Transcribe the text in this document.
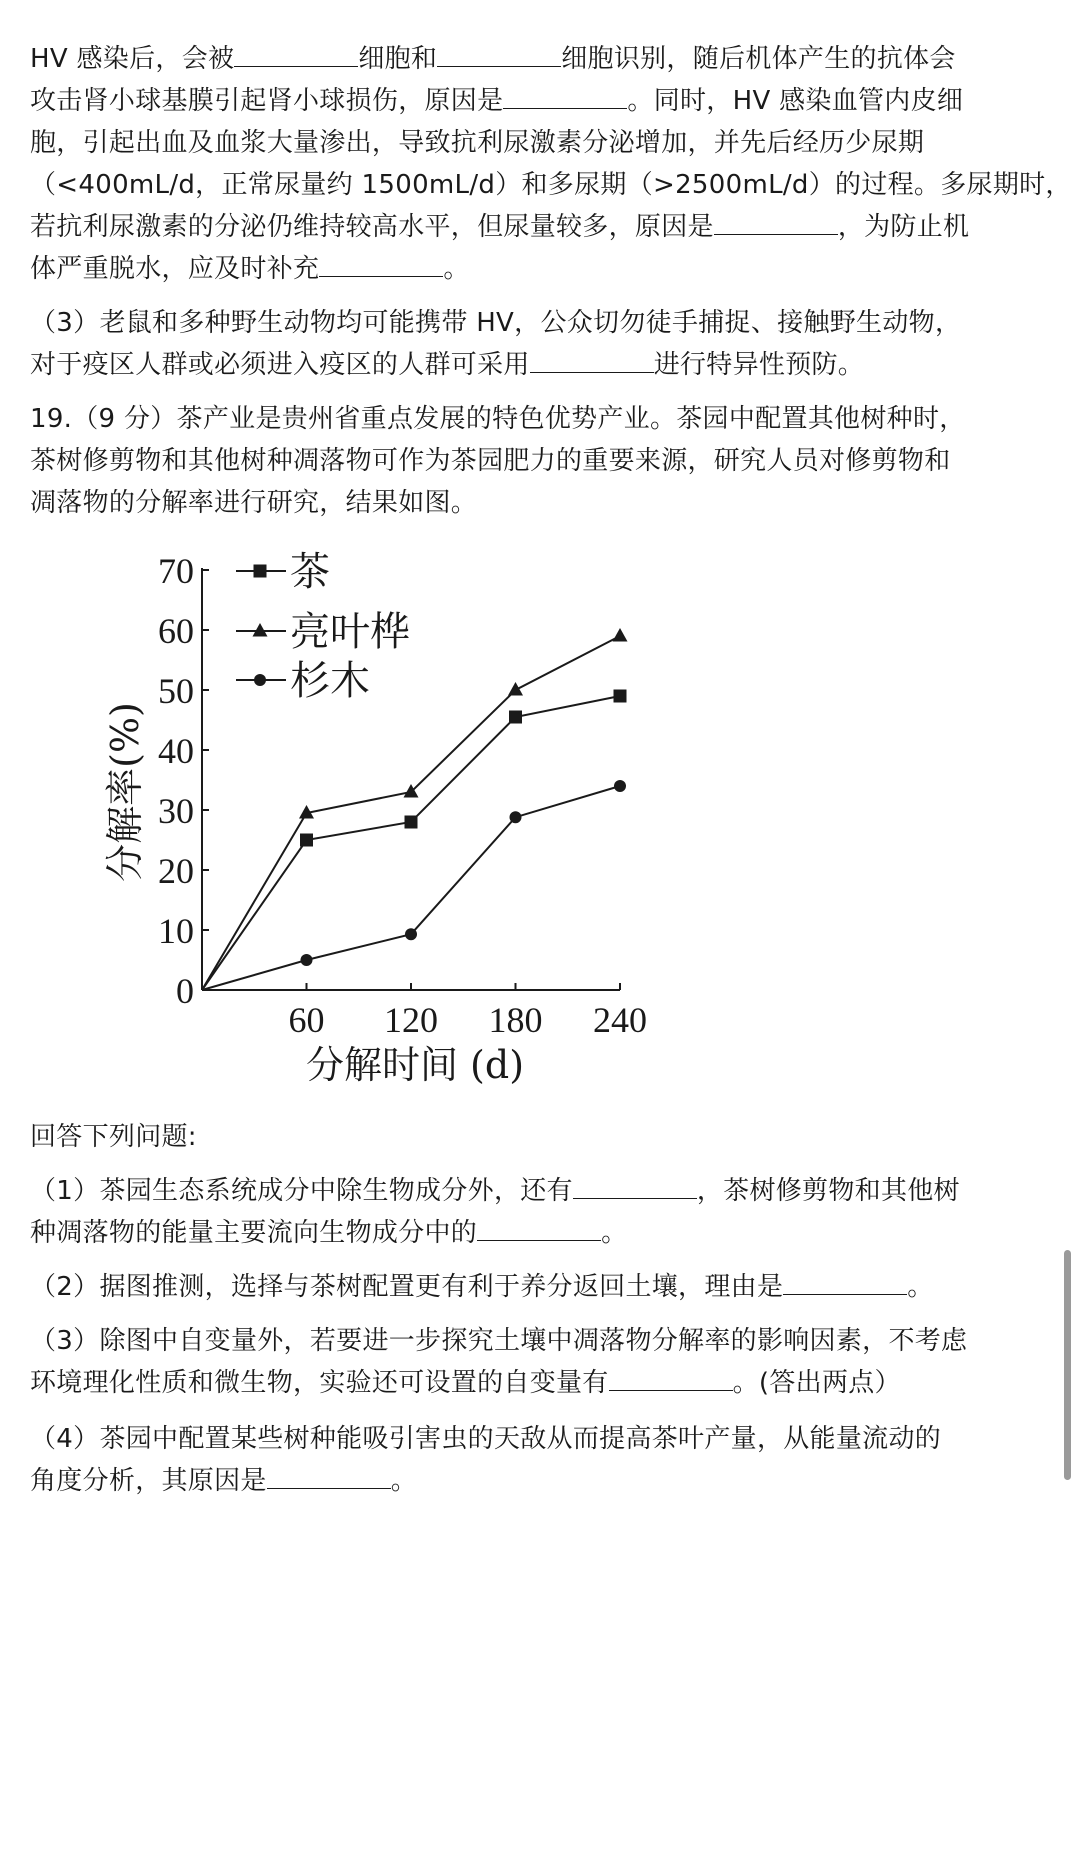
HV 感染后，会被	细胞和	细胞识别，随后机体产生的抗体会
攻击肾小球基膜引起肾小球损伤，原因是	。同时，HV 感染血管内皮细
胞，引起出血及血浆大量渗出，导致抗利尿激素分泌增加，并先后经历少尿期
（<400mL/d，正常尿量约 1500mL/d）和多尿期（>2500mL/d）的过程。多尿期时，
若抗利尿激素的分泌仍维持较高水平，但尿量较多，原因是	，为防止机
体严重脱水，应及时补充	。
（3）老鼠和多种野生动物均可能携带 HV，公众切勿徒手捕捉、接触野生动物，
对于疫区人群或必须进入疫区的人群可采用	进行特异性预防。
19.（9 分）茶产业是贵州省重点发展的特色优势产业。茶园中配置其他树种时，
茶树修剪物和其他树种凋落物可作为茶园肥力的重要来源，研究人员对修剪物和
凋落物的分解率进行研究，结果如图。
回答下列问题:
（1）茶园生态系统成分中除生物成分外，还有	，茶树修剪物和其他树
种凋落物的能量主要流向生物成分中的	。
（2）据图推测，选择与茶树配置更有利于养分返回土壤，理由是	。
（3）除图中自变量外，若要进一步探究土壤中凋落物分解率的影响因素，不考虑
环境理化性质和微生物，实验还可设置的自变量有	。(答出两点）
（4）茶园中配置某些树种能吸引害虫的天敌从而提高茶叶产量，从能量流动的
角度分析，其原因是	。
0
10
20
30
40
50
60
70
60 120 180 240
分解时间 (d)
分解率(%)
茶
亮叶桦
杉木
